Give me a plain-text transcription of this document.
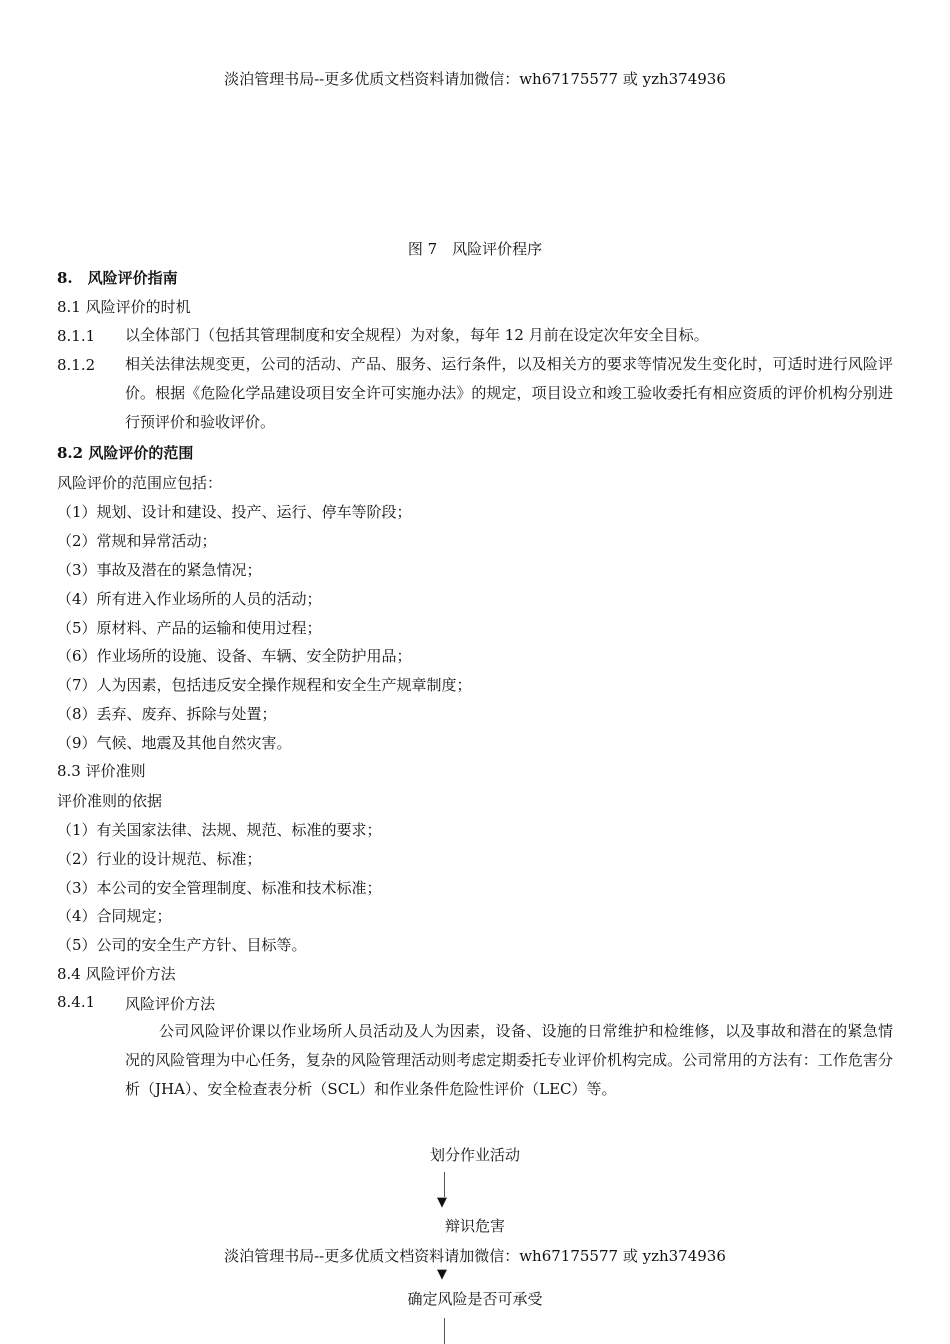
淡泊管理书局--更多优质文档资料请加微信：wh67175577 或 yzh374936
图 7　风险评价程序
8.　风险评价指南
8.1 风险评价的时机
8.1.1 以全体部门（包括其管理制度和安全规程）为对象，每年 12 月前在设定次年安全目标。
8.1.2 相关法律法规变更，公司的活动、产品、服务、运行条件，以及相关方的要求等情况发生变化时，可适时进行风险评价。根据《危险化学品建设项目安全许可实施办法》的规定，项目设立和竣工验收委托有相应资质的评价机构分别进行预评价和验收评价。
8.2 风险评价的范围
风险评价的范围应包括：
（1）规划、设计和建设、投产、运行、停车等阶段；
（2）常规和异常活动；
（3）事故及潜在的紧急情况；
（4）所有进入作业场所的人员的活动；
（5）原材料、产品的运输和使用过程；
（6）作业场所的设施、设备、车辆、安全防护用品；
（7）人为因素，包括违反安全操作规程和安全生产规章制度；
（8）丢弃、废弃、拆除与处置；
（9）气候、地震及其他自然灾害。
8.3 评价准则
评价准则的依据
（1）有关国家法律、法规、规范、标准的要求；
（2）行业的设计规范、标准；
（3）本公司的安全管理制度、标准和技术标准；
（4）合同规定；
（5）公司的安全生产方针、目标等。
8.4 风险评价方法
8.4.1 风险评价方法
公司风险评价课以作业场所人员活动及人为因素，设备、设施的日常维护和检维修，以及事故和潜在的紧急情况的风险管理为中心任务，复杂的风险管理活动则考虑定期委托专业评价机构完成。公司常用的方法有：工作危害分析（JHA）、安全检查表分析（SCL）和作业条件危险性评价（LEC）等。
划分作业活动
▼
辩识危害
▼
确定风险是否可承受
淡泊管理书局--更多优质文档资料请加微信：wh67175577 或 yzh374936
